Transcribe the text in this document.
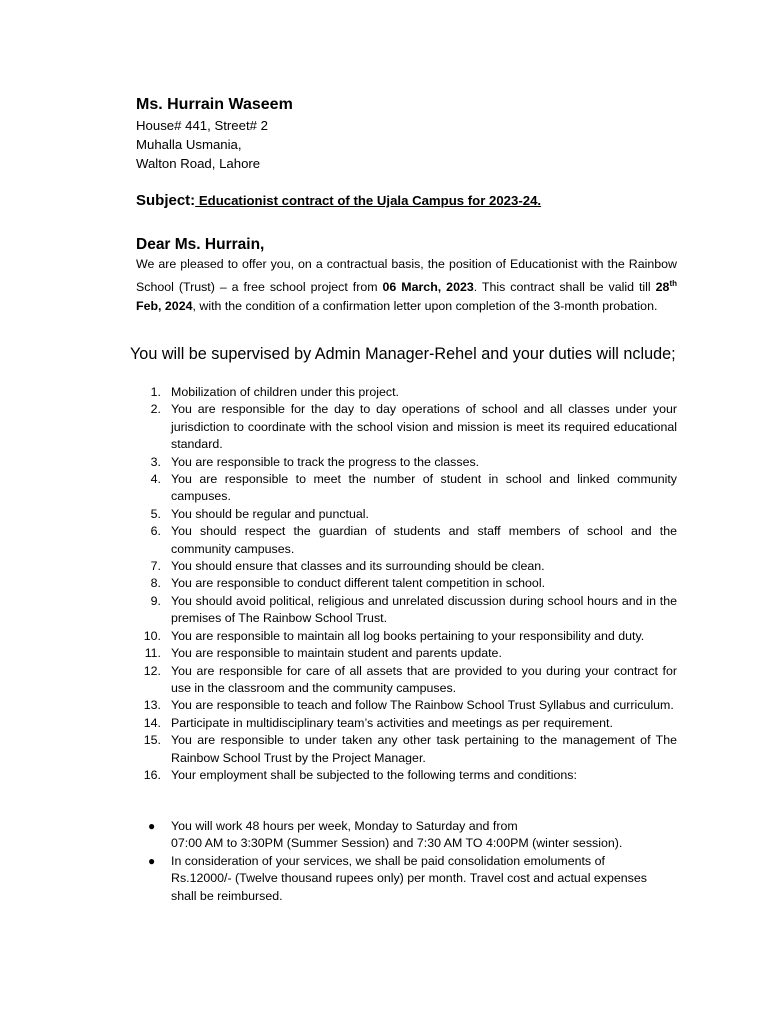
Ms. Hurrain Waseem
House# 441, Street# 2
Muhalla Usmania,
Walton Road, Lahore
Subject: Educationist contract of the Ujala Campus for 2023-24.
Dear Ms. Hurrain,
We are pleased to offer you, on a contractual basis, the position of Educationist with the Rainbow School (Trust) – a free school project from 06 March, 2023. This contract shall be valid till 28th Feb, 2024, with the condition of a confirmation letter upon completion of the 3-month probation.
You will be supervised by Admin Manager-Rehel and your duties will nclude;
1. Mobilization of children under this project.
2. You are responsible for the day to day operations of school and all classes under your jurisdiction to coordinate with the school vision and mission is meet its required educational standard.
3. You are responsible to track the progress to the classes.
4. You are responsible to meet the number of student in school and linked community campuses.
5. You should be regular and punctual.
6. You should respect the guardian of students and staff members of school and the community campuses.
7. You should ensure that classes and its surrounding should be clean.
8. You are responsible to conduct different talent competition in school.
9. You should avoid political, religious and unrelated discussion during school hours and in the premises of The Rainbow School Trust.
10. You are responsible to maintain all log books pertaining to your responsibility and duty.
11. You are responsible to maintain student and parents update.
12. You are responsible for care of all assets that are provided to you during your contract for use in the classroom and the community campuses.
13. You are responsible to teach and follow The Rainbow School Trust Syllabus and curriculum.
14. Participate in multidisciplinary team’s activities and meetings as per requirement.
15. You are responsible to under taken any other task pertaining to the management of The Rainbow School Trust by the Project Manager.
16. Your employment shall be subjected to the following terms and conditions:
● You will work 48 hours per week, Monday to Saturday and from
07:00 AM to 3:30PM (Summer Session) and 7:30 AM TO 4:00PM (winter session).
● In consideration of your services, we shall be paid consolidation emoluments of
Rs.12000/- (Twelve thousand rupees only) per month. Travel cost and actual expenses
shall be reimbursed.
